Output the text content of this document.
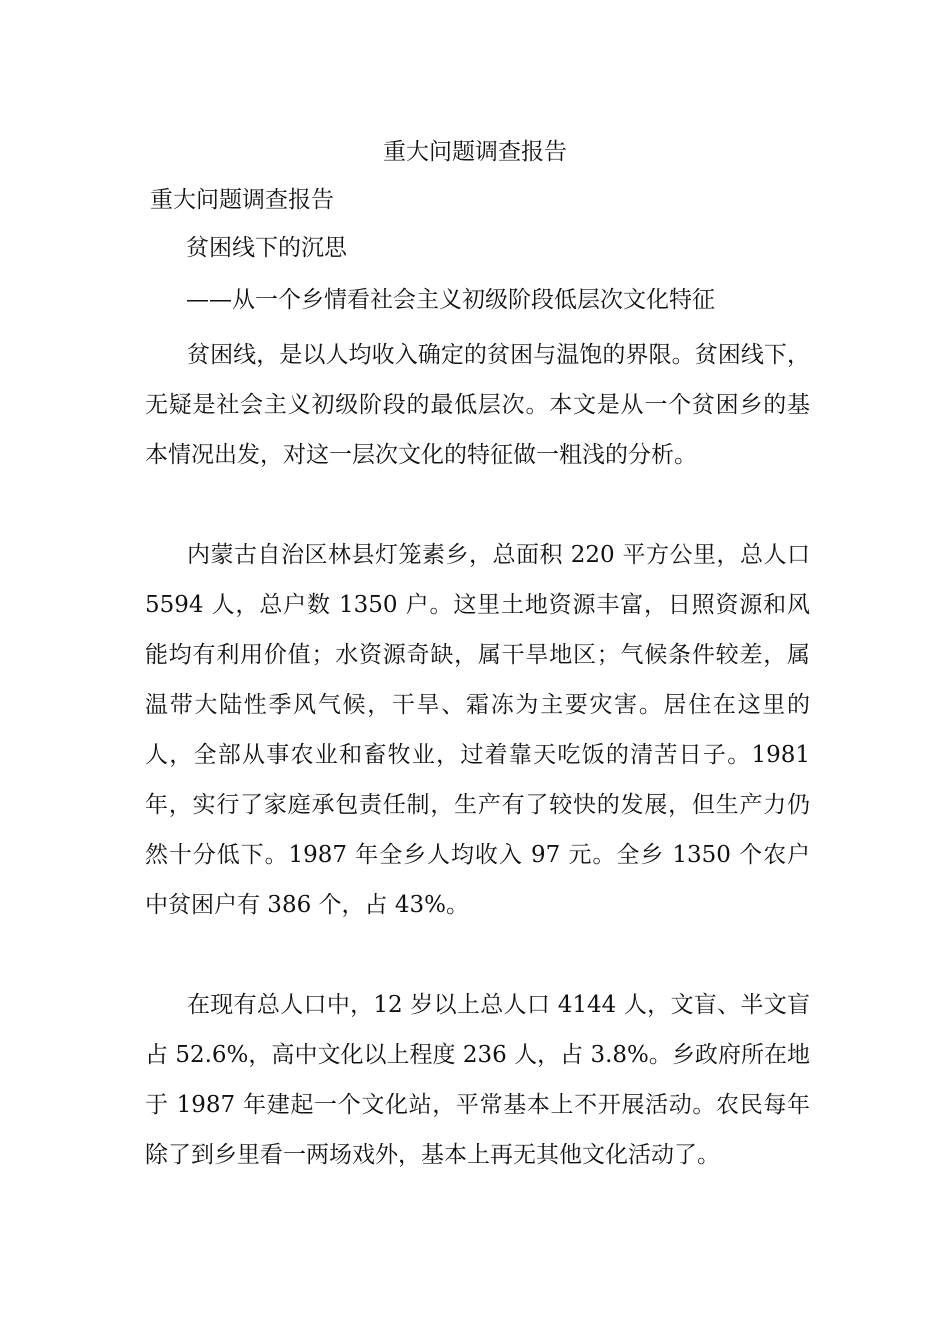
重大问题调查报告
重大问题调查报告
贫困线下的沉思
——从一个乡情看社会主义初级阶段低层次文化特征
贫困线，是以人均收入确定的贫困与温饱的界限。贫困线下，无疑是社会主义初级阶段的最低层次。本文是从一个贫困乡的基本情况出发，对这一层次文化的特征做一粗浅的分析。
内蒙古自治区林县灯笼素乡，总面积 220 平方公里，总人口 5594 人，总户数 1350 户。这里土地资源丰富，日照资源和风能均有利用价值；水资源奇缺，属干旱地区；气候条件较差，属温带大陆性季风气候，干旱、霜冻为主要灾害。居住在这里的人，全部从事农业和畜牧业，过着靠天吃饭的清苦日子。1981 年，实行了家庭承包责任制，生产有了较快的发展，但生产力仍然十分低下。1987 年全乡人均收入 97 元。全乡 1350 个农户中贫困户有 386 个，占 43%。
在现有总人口中，12 岁以上总人口 4144 人，文盲、半文盲占 52.6%，高中文化以上程度 236 人，占 3.8%。乡政府所在地于 1987 年建起一个文化站，平常基本上不开展活动。农民每年除了到乡里看一两场戏外，基本上再无其他文化活动了。
